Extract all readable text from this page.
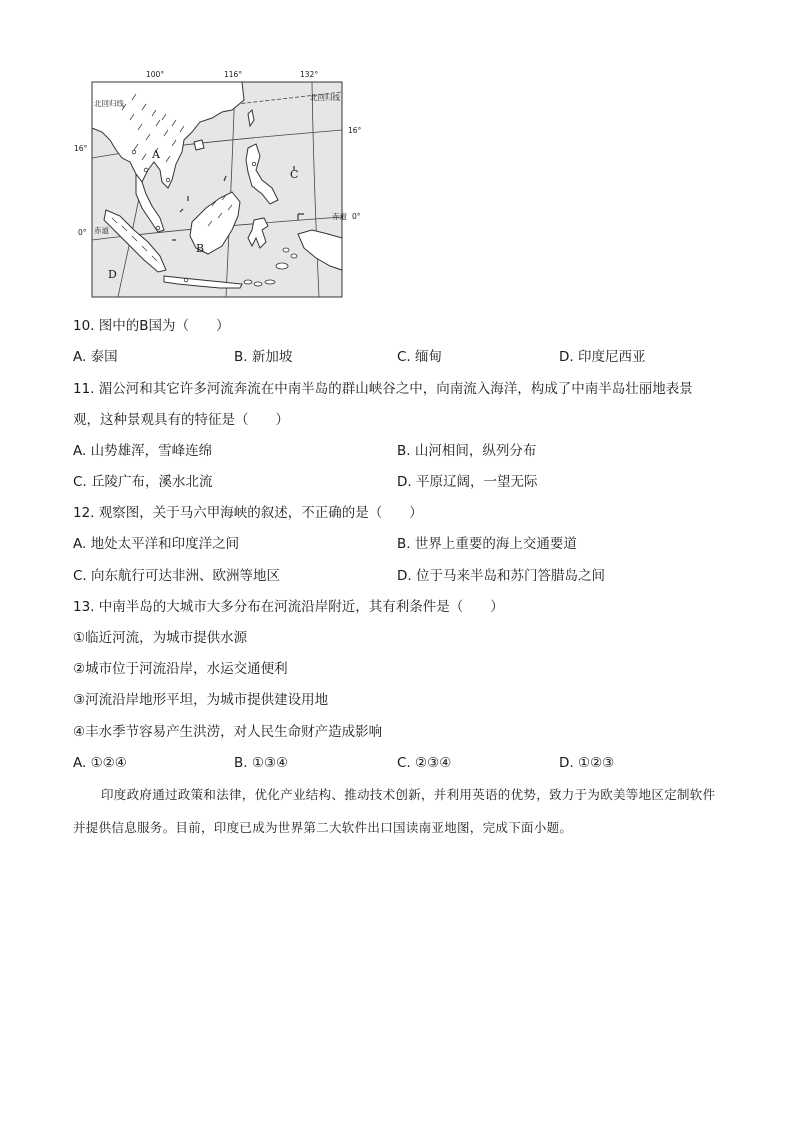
100°	116°	132°
16°
0°
16°
0°
北回归线
北回归线
赤道
赤道
A
B
C
D
10. 图中的B国为（　　）
A. 泰国	B. 新加坡	C. 缅甸	D. 印度尼西亚
11. 湄公河和其它许多河流奔流在中南半岛的群山峡谷之中，向南流入海洋，构成了中南半岛壮丽地表景
观，这种景观具有的特征是（　　）
A. 山势雄浑，雪峰连绵	B. 山河相间，纵列分布
C. 丘陵广布，溪水北流	D. 平原辽阔，一望无际
12. 观察图，关于马六甲海峡的叙述，不正确的是（　　）
A. 地处太平洋和印度洋之间	B. 世界上重要的海上交通要道
C. 向东航行可达非洲、欧洲等地区	D. 位于马来半岛和苏门答腊岛之间
13. 中南半岛的大城市大多分布在河流沿岸附近，其有利条件是（　　）
①临近河流，为城市提供水源
②城市位于河流沿岸，水运交通便利
③河流沿岸地形平坦，为城市提供建设用地
④丰水季节容易产生洪涝，对人民生命财产造成影响
A. ①②④	B. ①③④	C. ②③④	D. ①②③
印度政府通过政策和法律，优化产业结构、推动技术创新，并利用英语的优势，致力于为欧美等地区定制软件并提供信息服务。目前，印度已成为世界第二大软件出口国读南亚地图，完成下面小题。
